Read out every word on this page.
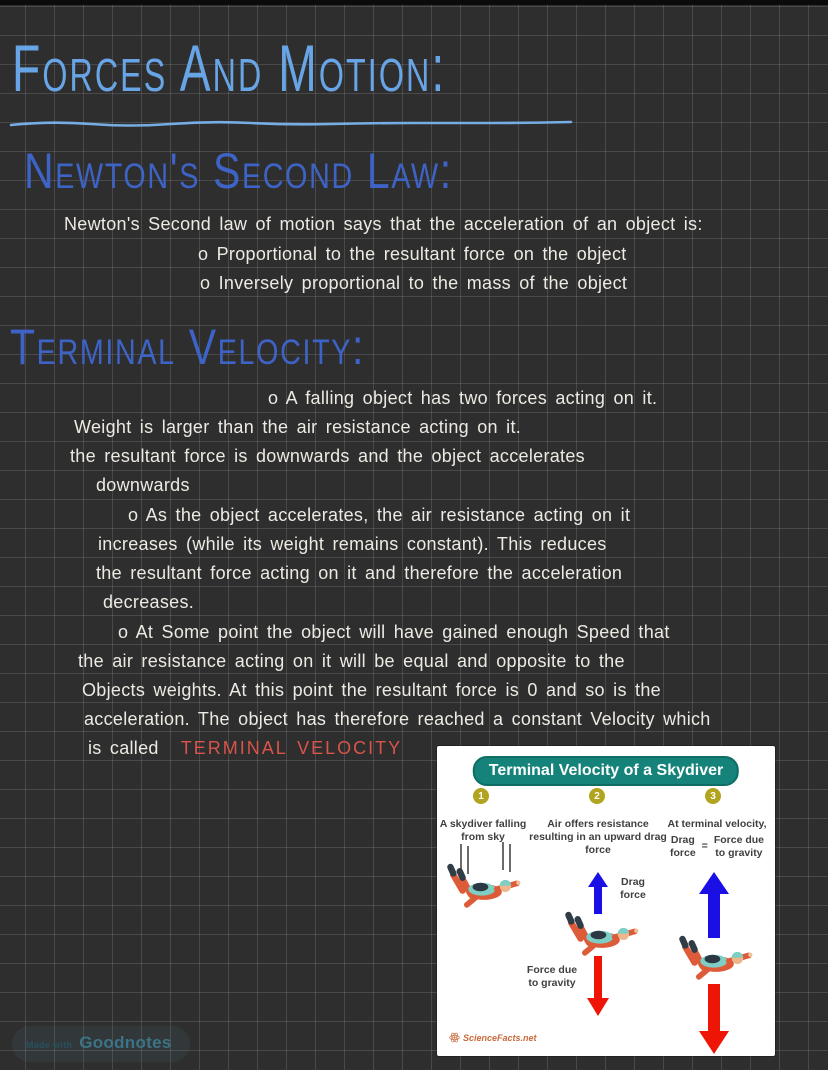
Forces And Motion:
Newton's Second Law:
Newton's Second law of motion says that the acceleration of an object is:
o Proportional to the resultant force on the object
o Inversely proportional to the mass of the object
Terminal Velocity:
o A falling object has two forces acting on it.
Weight is larger than the air resistance acting on it.
the resultant force is downwards and the object accelerates
downwards
o As the object accelerates, the air resistance acting on it
increases (while its weight remains constant). This reduces
the resultant force acting on it and therefore the acceleration
decreases.
o At Some point the object will have gained enough Speed that
the air resistance acting on it will be equal and opposite to the
Objects weights. At this point the resultant force is 0 and so is the
acceleration. The object has therefore reached a constant Velocity which
is called TERMINAL VELOCITY
Terminal Velocity of a Skydiver
1	2	3
A skydiver falling from sky
Air offers resistance resulting in an upward drag force
At terminal velocity,
Drag
force
=
Force due
to gravity
Drag force
Force due to gravity
ScienceFacts.net
Made with Goodnotes
